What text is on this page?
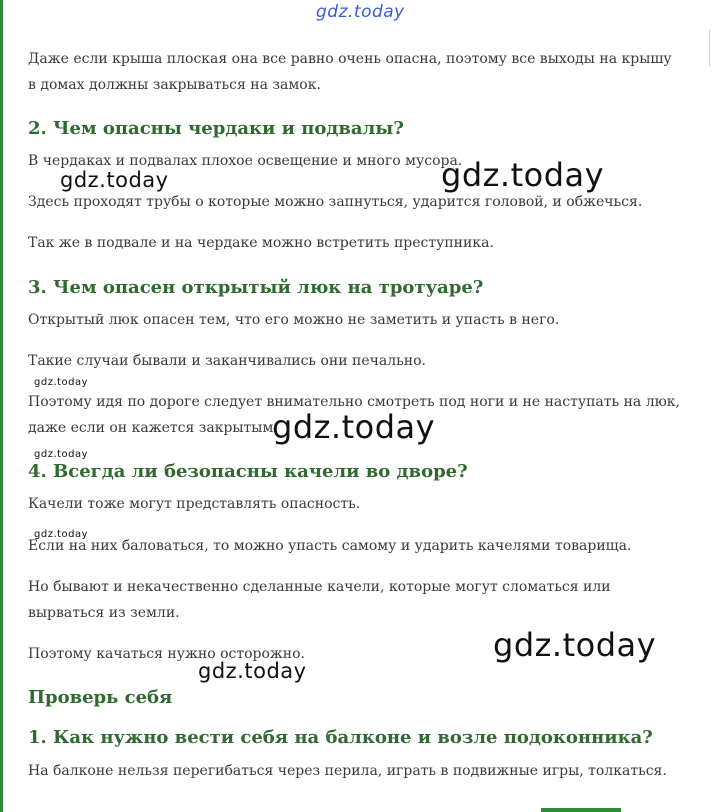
gdz.today
Даже если крыша плоская она все равно очень опасна, поэтому все выходы на крышу в домах должны закрываться на замок.
2. Чем опасны чердаки и подвалы?
В чердаках и подвалах плохое освещение и много мусора.
Здесь проходят трубы о которые можно запнуться, ударится головой, и обжечься.
Так же в подвале и на чердаке можно встретить преступника.
3. Чем опасен открытый люк на тротуаре?
Открытый люк опасен тем, что его можно не заметить и упасть в него.
Такие случаи бывали и заканчивались они печально.
Поэтому идя по дороге следует внимательно смотреть под ноги и не наступать на люк, даже если он кажется закрытым.
4. Всегда ли безопасны качели во дворе?
Качели тоже могут представлять опасность.
Если на них баловаться, то можно упасть самому и ударить качелями товарища.
Но бывают и некачественно сделанные качели, которые могут сломаться или вырваться из земли.
Поэтому качаться нужно осторожно.
Проверь себя
1. Как нужно вести себя на балконе и возле подоконника?
На балконе нельзя перегибаться через перила, играть в подвижные игры, толкаться.
gdz.today	gdz.today
gdz.today
gdz.today
gdz.today
gdz.today
gdz.today
gdz.today
